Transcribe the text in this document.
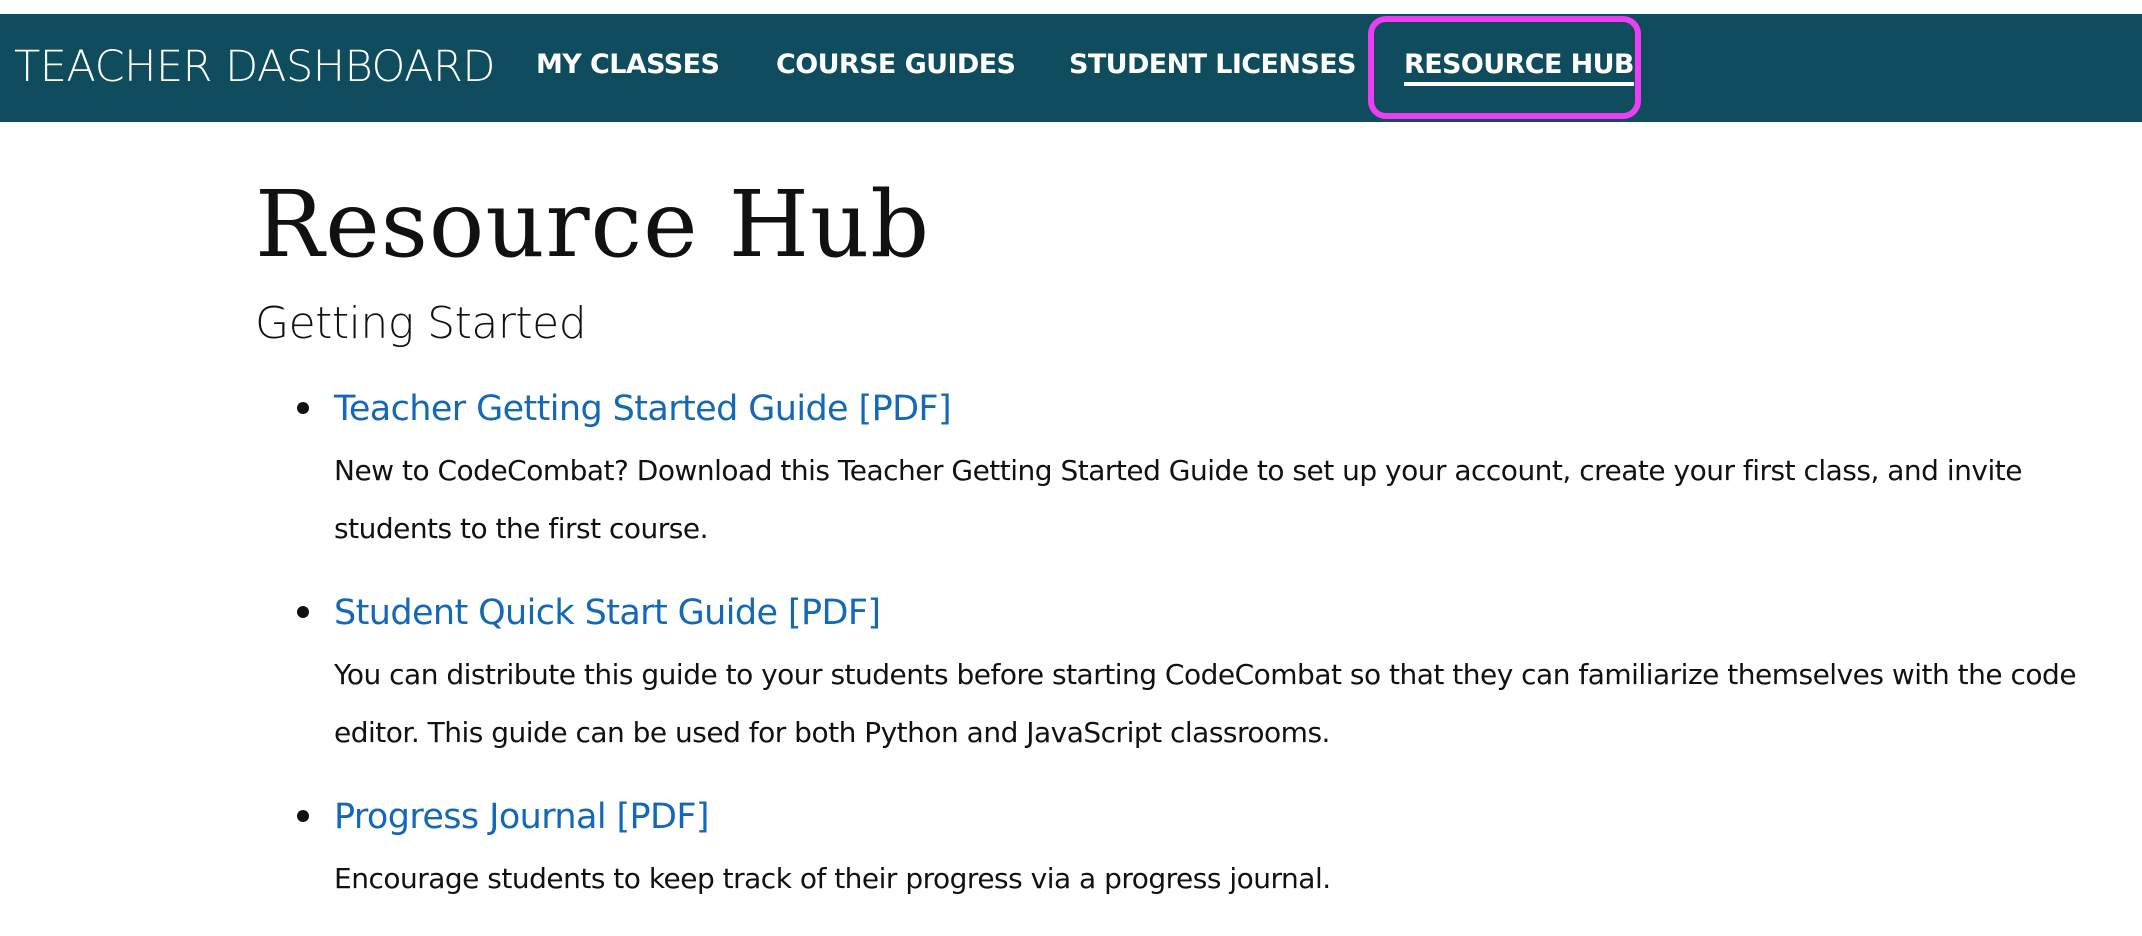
TEACHER DASHBOARD MY CLASSES COURSE GUIDES STUDENT LICENSES RESOURCE HUB
Resource Hub
Getting Started
Teacher Getting Started Guide [PDF]

New to CodeCombat? Download this Teacher Getting Started Guide to set up your account, create your first class, and invite students to the first course.

Student Quick Start Guide [PDF]

You can distribute this guide to your students before starting CodeCombat so that they can familiarize themselves with the code editor. This guide can be used for both Python and JavaScript classrooms.

Progress Journal [PDF]

Encourage students to keep track of their progress via a progress journal.
